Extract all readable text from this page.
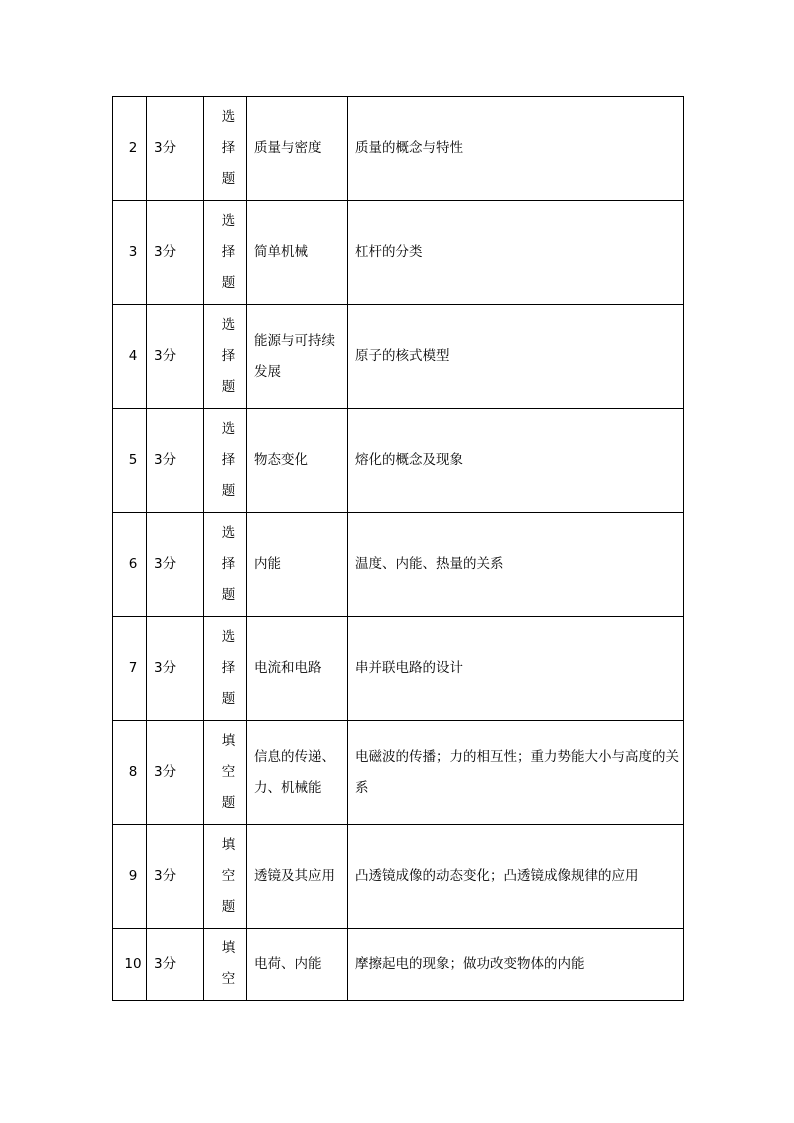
2	3分	选
择
题	质量与密度	质量的概念与特性
3	3分	选
择
题	简单机械	杠杆的分类
4	3分	选
择
题	能源与可持续发展	原子的核式模型
5	3分	选
择
题	物态变化	熔化的概念及现象
6	3分	选
择
题	内能	温度、内能、热量的关系
7	3分	选
择
题	电流和电路	串并联电路的设计
8	3分	填
空
题	信息的传递、力、机械能	电磁波的传播；力的相互性；重力势能大小与高度的关系
9	3分	填
空
题	透镜及其应用	凸透镜成像的动态变化；凸透镜成像规律的应用
10	3分	填
空	电荷、内能	摩擦起电的现象；做功改变物体的内能
